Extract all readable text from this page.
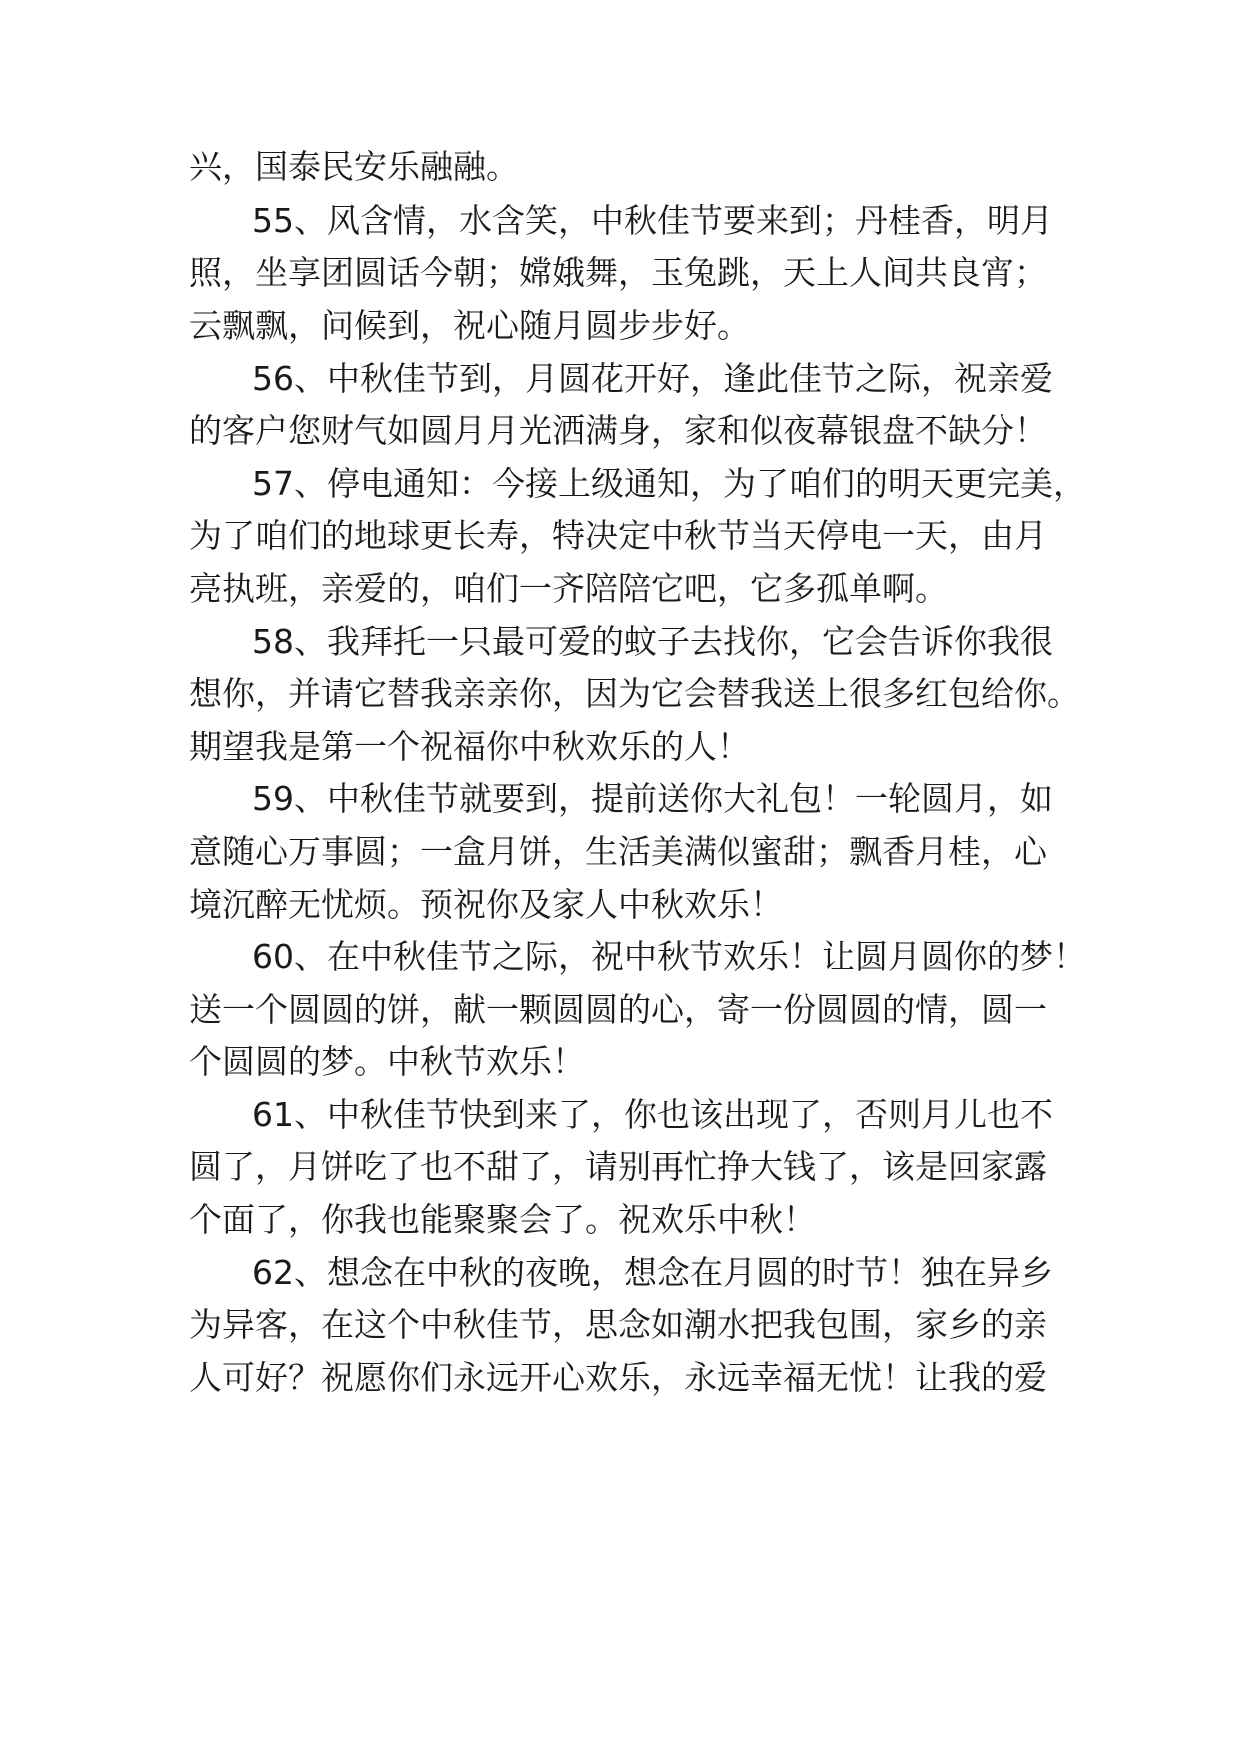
兴，国泰民安乐融融。
55、风含情，水含笑，中秋佳节要来到；丹桂香，明月
照，坐享团圆话今朝；嫦娥舞，玉兔跳，天上人间共良宵；
云飘飘，问候到，祝心随月圆步步好。
56、中秋佳节到，月圆花开好，逢此佳节之际，祝亲爱
的客户您财气如圆月月光洒满身，家和似夜幕银盘不缺分！
57、停电通知：今接上级通知，为了咱们的明天更完美，
为了咱们的地球更长寿，特决定中秋节当天停电一天，由月
亮执班，亲爱的，咱们一齐陪陪它吧，它多孤单啊。
58、我拜托一只最可爱的蚊子去找你，它会告诉你我很
想你，并请它替我亲亲你，因为它会替我送上很多红包给你。
期望我是第一个祝福你中秋欢乐的人！
59、中秋佳节就要到，提前送你大礼包！一轮圆月，如
意随心万事圆；一盒月饼，生活美满似蜜甜；飘香月桂，心
境沉醉无忧烦。预祝你及家人中秋欢乐！
60、在中秋佳节之际，祝中秋节欢乐！让圆月圆你的梦！
送一个圆圆的饼，献一颗圆圆的心，寄一份圆圆的情，圆一
个圆圆的梦。中秋节欢乐！
61、中秋佳节快到来了，你也该出现了，否则月儿也不
圆了，月饼吃了也不甜了，请别再忙挣大钱了，该是回家露
个面了，你我也能聚聚会了。祝欢乐中秋！
62、想念在中秋的夜晚，想念在月圆的时节！独在异乡
为异客，在这个中秋佳节，思念如潮水把我包围，家乡的亲
人可好？祝愿你们永远开心欢乐，永远幸福无忧！让我的爱
